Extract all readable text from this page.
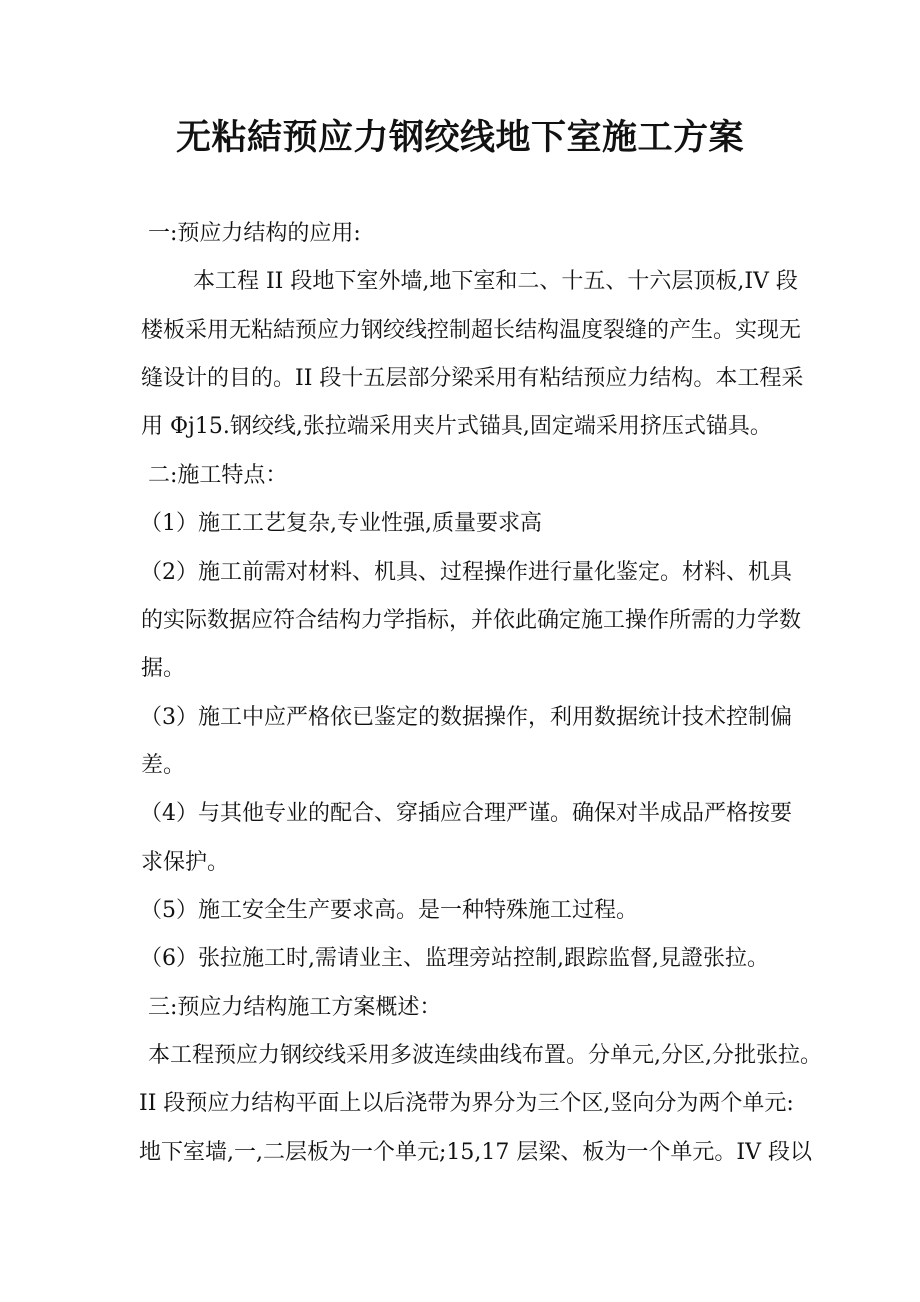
无粘結预应力钢绞线地下室施工方案
一:预应力结构的应用:
本工程 II 段地下室外墙,地下室和二、十五、十六层顶板,IV 段
楼板采用无粘結预应力钢绞线控制超长结构温度裂缝的产生。实现无
缝设计的目的。II 段十五层部分梁采用有粘结预应力结构。本工程采
用 Φj15.钢绞线,张拉端采用夹片式锚具,固定端采用挤压式锚具。
二:施工特点：
（1）施工工艺复杂,专业性强,质量要求高
（2）施工前需对材料、机具、过程操作进行量化鉴定。材料、机具
的实际数据应符合结构力学指标，并依此确定施工操作所需的力学数
据。
（3）施工中应严格依已鉴定的数据操作，利用数据统计技术控制偏
差。
（4）与其他专业的配合、穿插应合理严谨。确保对半成品严格按要
求保护。
（5）施工安全生产要求高。是一种特殊施工过程。
（6）张拉施工时,需请业主、监理旁站控制,跟踪监督,見證张拉。
三:预应力结构施工方案概述：
本工程预应力钢绞线采用多波连续曲线布置。分单元,分区,分批张拉。
II 段预应力结构平面上以后浇带为界分为三个区,竖向分为两个单元:
地下室墙,一,二层板为一个单元;15,17 层梁、板为一个单元。IV 段以
